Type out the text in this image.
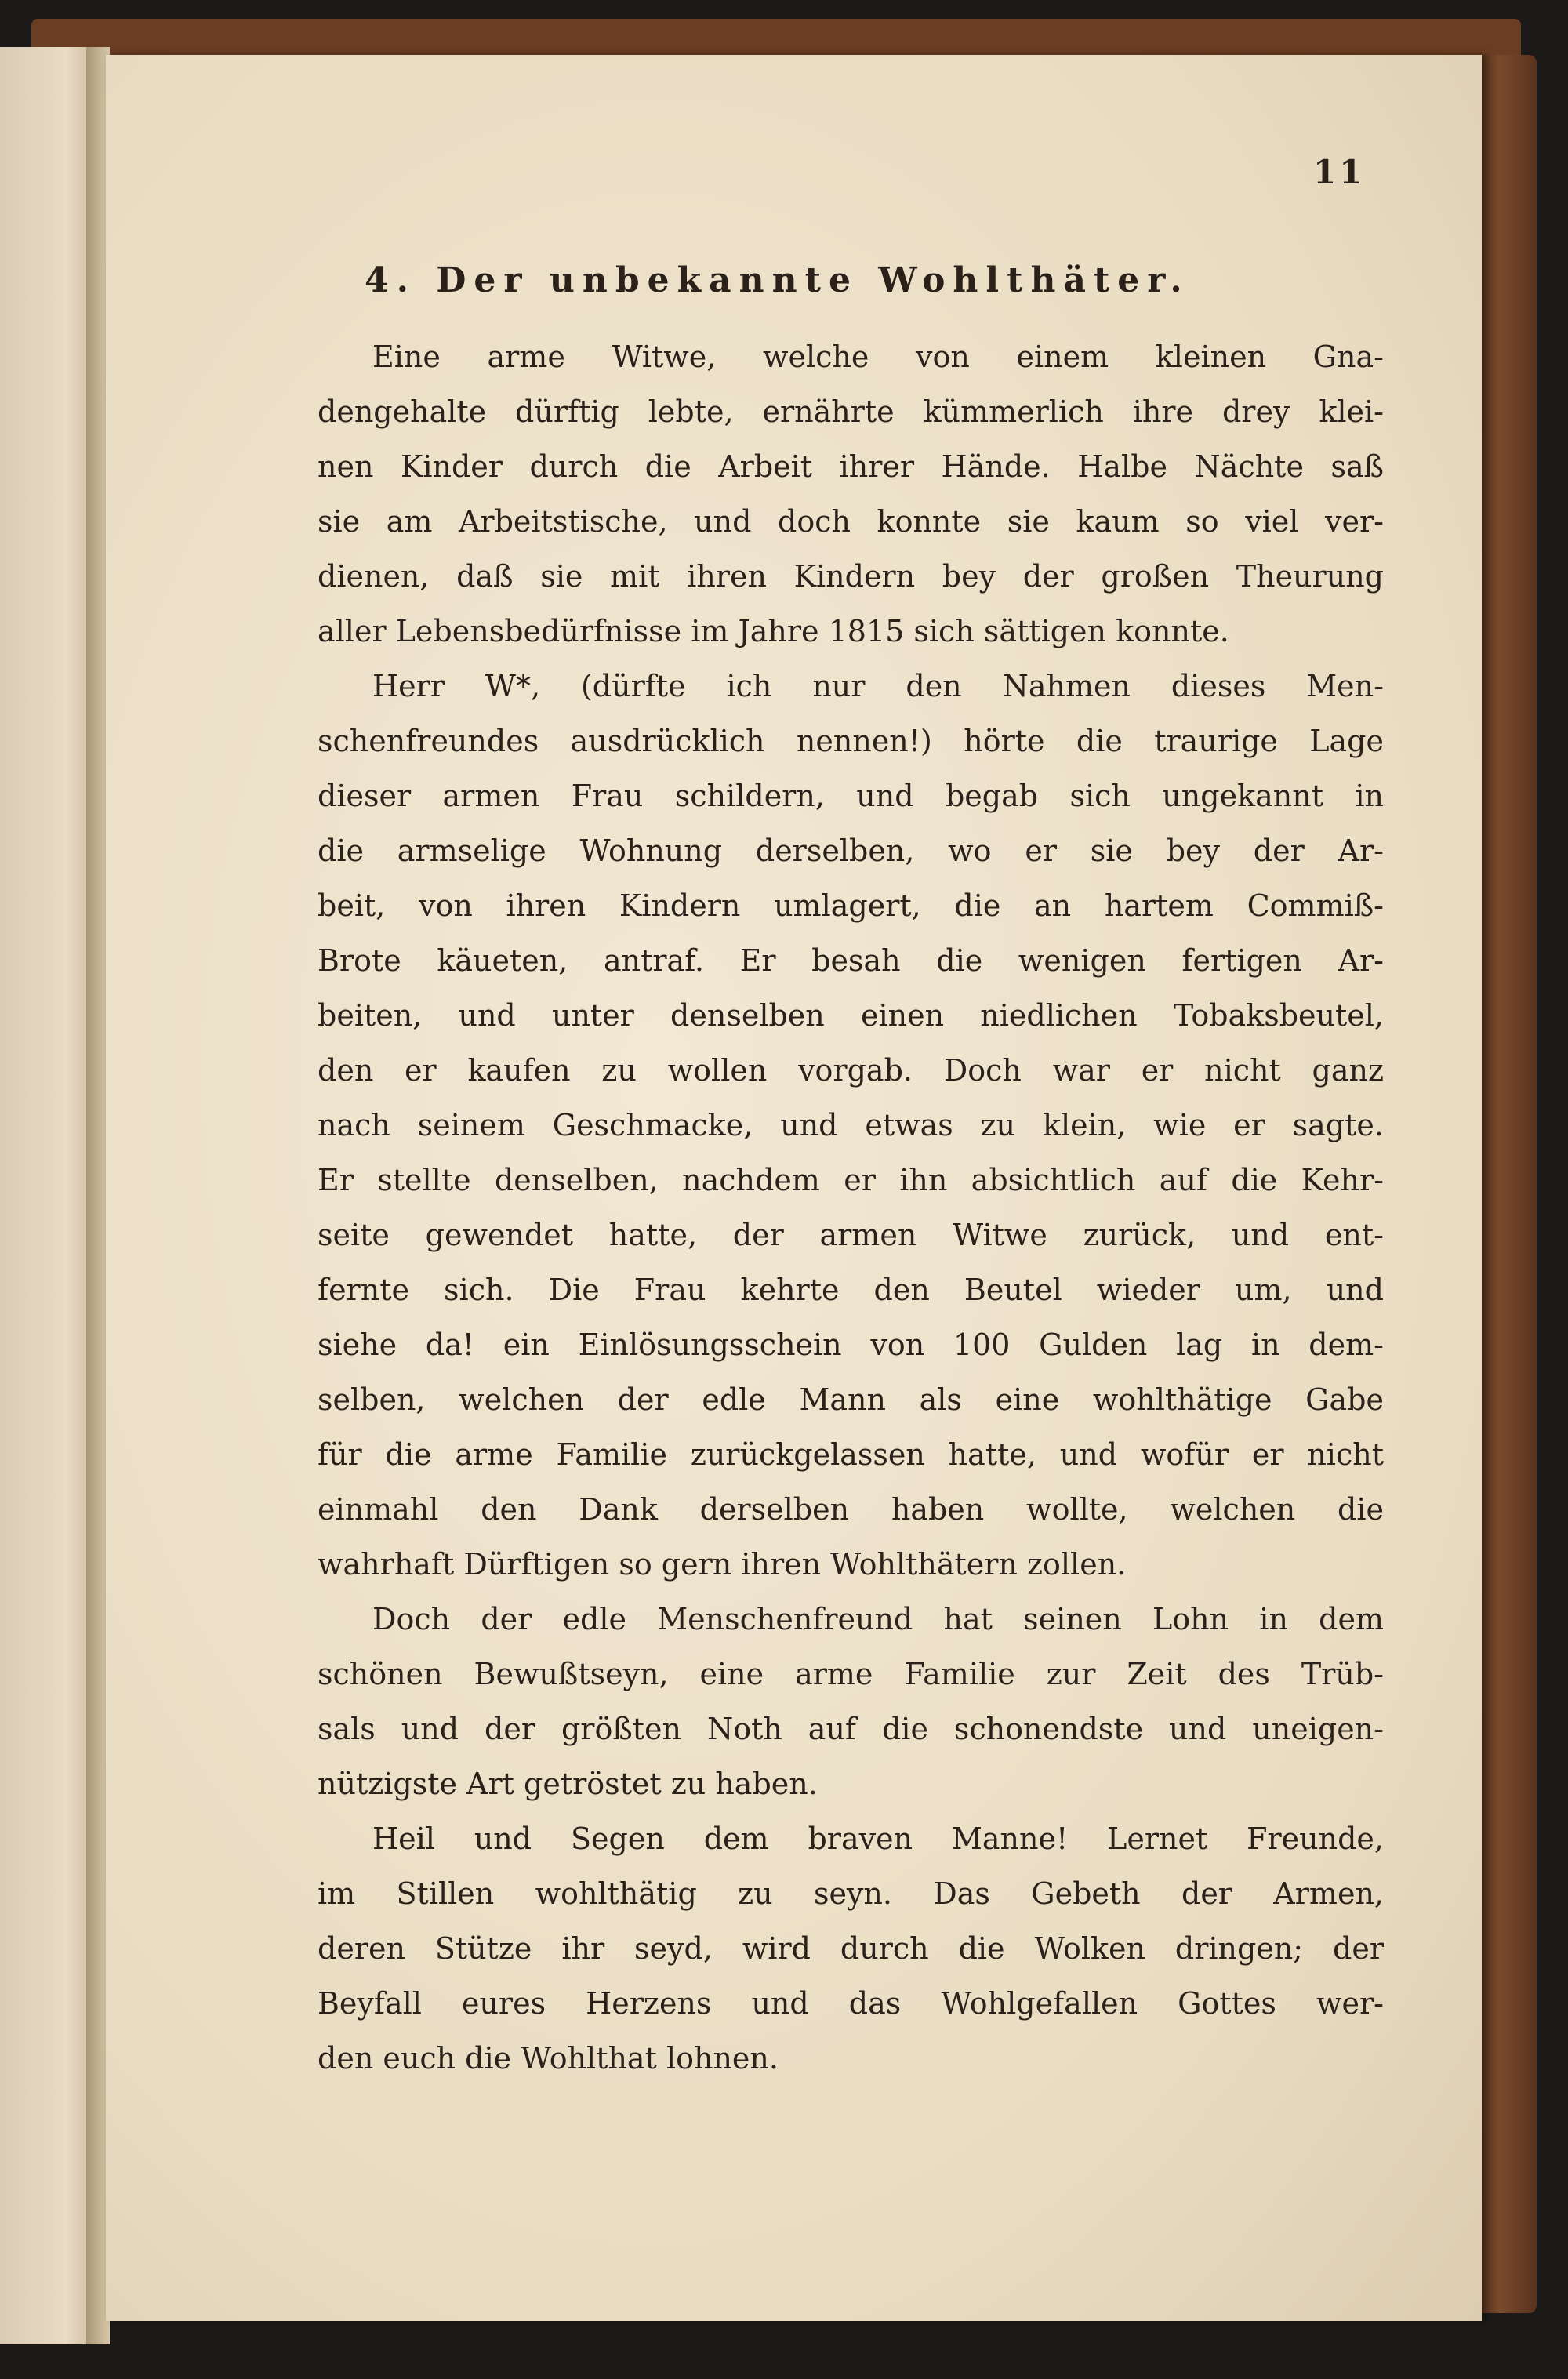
11
4. Der unbekannte Wohlthäter.
Eine arme Witwe, welche von einem kleinen Gna-
dengehalte dürftig lebte, ernährte kümmerlich ihre drey klei-
nen Kinder durch die Arbeit ihrer Hände. Halbe Nächte saß
sie am Arbeitstische, und doch konnte sie kaum so viel ver-
dienen, daß sie mit ihren Kindern bey der großen Theurung
aller Lebensbedürfnisse im Jahre 1815 sich sättigen konnte.
Herr W*, (dürfte ich nur den Nahmen dieses Men-
schenfreundes ausdrücklich nennen!) hörte die traurige Lage
dieser armen Frau schildern, und begab sich ungekannt in
die armselige Wohnung derselben, wo er sie bey der Ar-
beit, von ihren Kindern umlagert, die an hartem Commiß-
Brote käueten, antraf. Er besah die wenigen fertigen Ar-
beiten, und unter denselben einen niedlichen Tobaksbeutel,
den er kaufen zu wollen vorgab. Doch war er nicht ganz
nach seinem Geschmacke, und etwas zu klein, wie er sagte.
Er stellte denselben, nachdem er ihn absichtlich auf die Kehr-
seite gewendet hatte, der armen Witwe zurück, und ent-
fernte sich. Die Frau kehrte den Beutel wieder um, und
siehe da! ein Einlösungsschein von 100 Gulden lag in dem-
selben, welchen der edle Mann als eine wohlthätige Gabe
für die arme Familie zurückgelassen hatte, und wofür er nicht
einmahl den Dank derselben haben wollte, welchen die
wahrhaft Dürftigen so gern ihren Wohlthätern zollen.
Doch der edle Menschenfreund hat seinen Lohn in dem
schönen Bewußtseyn, eine arme Familie zur Zeit des Trüb-
sals und der größten Noth auf die schonendste und uneigen-
nützigste Art getröstet zu haben.
Heil und Segen dem braven Manne! Lernet Freunde,
im Stillen wohlthätig zu seyn. Das Gebeth der Armen,
deren Stütze ihr seyd, wird durch die Wolken dringen; der
Beyfall eures Herzens und das Wohlgefallen Gottes wer-
den euch die Wohlthat lohnen.
